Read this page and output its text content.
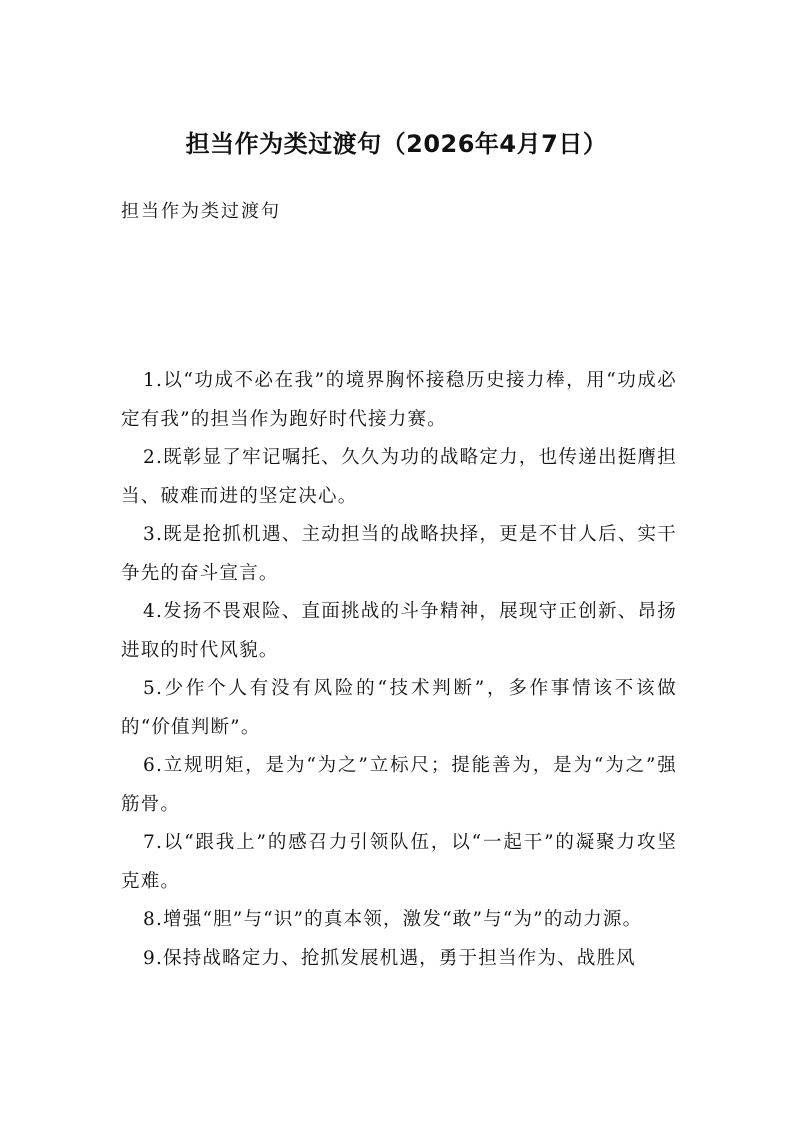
担当作为类过渡句（2026年4月7日）

担当作为类过渡句

1.以“功成不必在我”的境界胸怀接稳历史接力棒，用“功成必定有我”的担当作为跑好时代接力赛。

2.既彰显了牢记嘱托、久久为功的战略定力，也传递出挺膺担当、破难而进的坚定决心。

3.既是抢抓机遇、主动担当的战略抉择，更是不甘人后、实干争先的奋斗宣言。

4.发扬不畏艰险、直面挑战的斗争精神，展现守正创新、昂扬进取的时代风貌。

5.少作个人有没有风险的“技术判断”，多作事情该不该做的“价值判断”。

6.立规明矩，是为“为之”立标尺；提能善为，是为“为之”强筋骨。

7.以“跟我上”的感召力引领队伍，以“一起干”的凝聚力攻坚克难。

8.增强“胆”与“识”的真本领，激发“敢”与“为”的动力源。

9.保持战略定力、抢抓发展机遇，勇于担当作为、战胜风
